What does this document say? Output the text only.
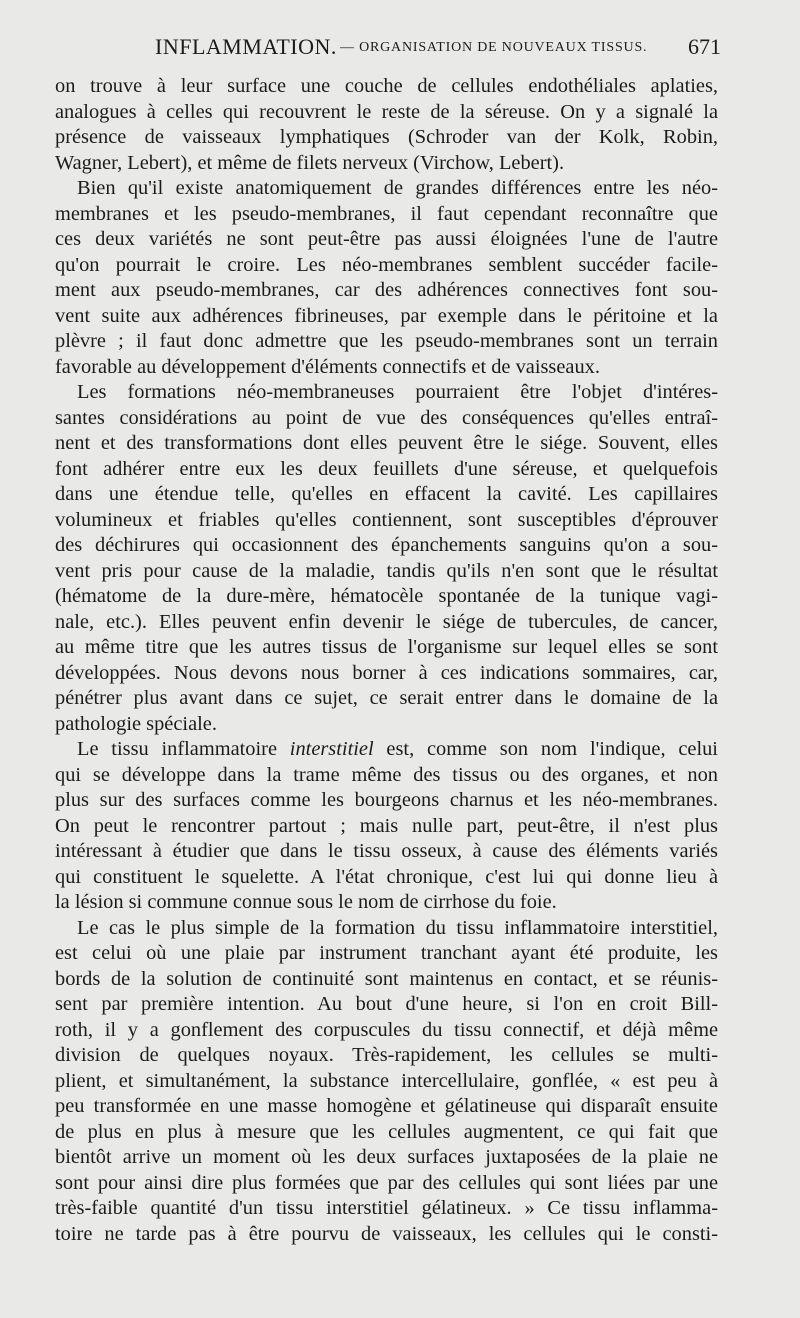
INFLAMMATION. — ORGANISATION DE NOUVEAUX TISSUS. 671

on trouve à leur surface une couche de cellules endothéliales aplaties,
analogues à celles qui recouvrent le reste de la séreuse. On y a signalé la
présence de vaisseaux lymphatiques (Schroder van der Kolk, Robin,
Wagner, Lebert), et même de filets nerveux (Virchow, Lebert).

Bien qu'il existe anatomiquement de grandes différences entre les néo-
membranes et les pseudo-membranes, il faut cependant reconnaître que
ces deux variétés ne sont peut-être pas aussi éloignées l'une de l'autre
qu'on pourrait le croire. Les néo-membranes semblent succéder facile-
ment aux pseudo-membranes, car des adhérences connectives font sou-
vent suite aux adhérences fibrineuses, par exemple dans le péritoine et la
plèvre ; il faut donc admettre que les pseudo-membranes sont un terrain
favorable au développement d'éléments connectifs et de vaisseaux.

Les formations néo-membraneuses pourraient être l'objet d'intéres-
santes considérations au point de vue des conséquences qu'elles entraî-
nent et des transformations dont elles peuvent être le siége. Souvent, elles
font adhérer entre eux les deux feuillets d'une séreuse, et quelquefois
dans une étendue telle, qu'elles en effacent la cavité. Les capillaires
volumineux et friables qu'elles contiennent, sont susceptibles d'éprouver
des déchirures qui occasionnent des épanchements sanguins qu'on a sou-
vent pris pour cause de la maladie, tandis qu'ils n'en sont que le résultat
(hématome de la dure-mère, hématocèle spontanée de la tunique vagi-
nale, etc.). Elles peuvent enfin devenir le siége de tubercules, de cancer,
au même titre que les autres tissus de l'organisme sur lequel elles se sont
développées. Nous devons nous borner à ces indications sommaires, car,
pénétrer plus avant dans ce sujet, ce serait entrer dans le domaine de la
pathologie spéciale.

Le tissu inflammatoire interstitiel est, comme son nom l'indique, celui
qui se développe dans la trame même des tissus ou des organes, et non
plus sur des surfaces comme les bourgeons charnus et les néo-membranes.
On peut le rencontrer partout ; mais nulle part, peut-être, il n'est plus
intéressant à étudier que dans le tissu osseux, à cause des éléments variés
qui constituent le squelette. A l'état chronique, c'est lui qui donne lieu à
la lésion si commune connue sous le nom de cirrhose du foie.

Le cas le plus simple de la formation du tissu inflammatoire interstitiel,
est celui où une plaie par instrument tranchant ayant été produite, les
bords de la solution de continuité sont maintenus en contact, et se réunis-
sent par première intention. Au bout d'une heure, si l'on en croit Bill-
roth, il y a gonflement des corpuscules du tissu connectif, et déjà même
division de quelques noyaux. Très-rapidement, les cellules se multi-
plient, et simultanément, la substance intercellulaire, gonflée, « est peu à
peu transformée en une masse homogène et gélatineuse qui disparaît ensuite
de plus en plus à mesure que les cellules augmentent, ce qui fait que
bientôt arrive un moment où les deux surfaces juxtaposées de la plaie ne
sont pour ainsi dire plus formées que par des cellules qui sont liées par une
très-faible quantité d'un tissu interstitiel gélatineux. » Ce tissu inflamma-
toire ne tarde pas à être pourvu de vaisseaux, les cellules qui le consti-
